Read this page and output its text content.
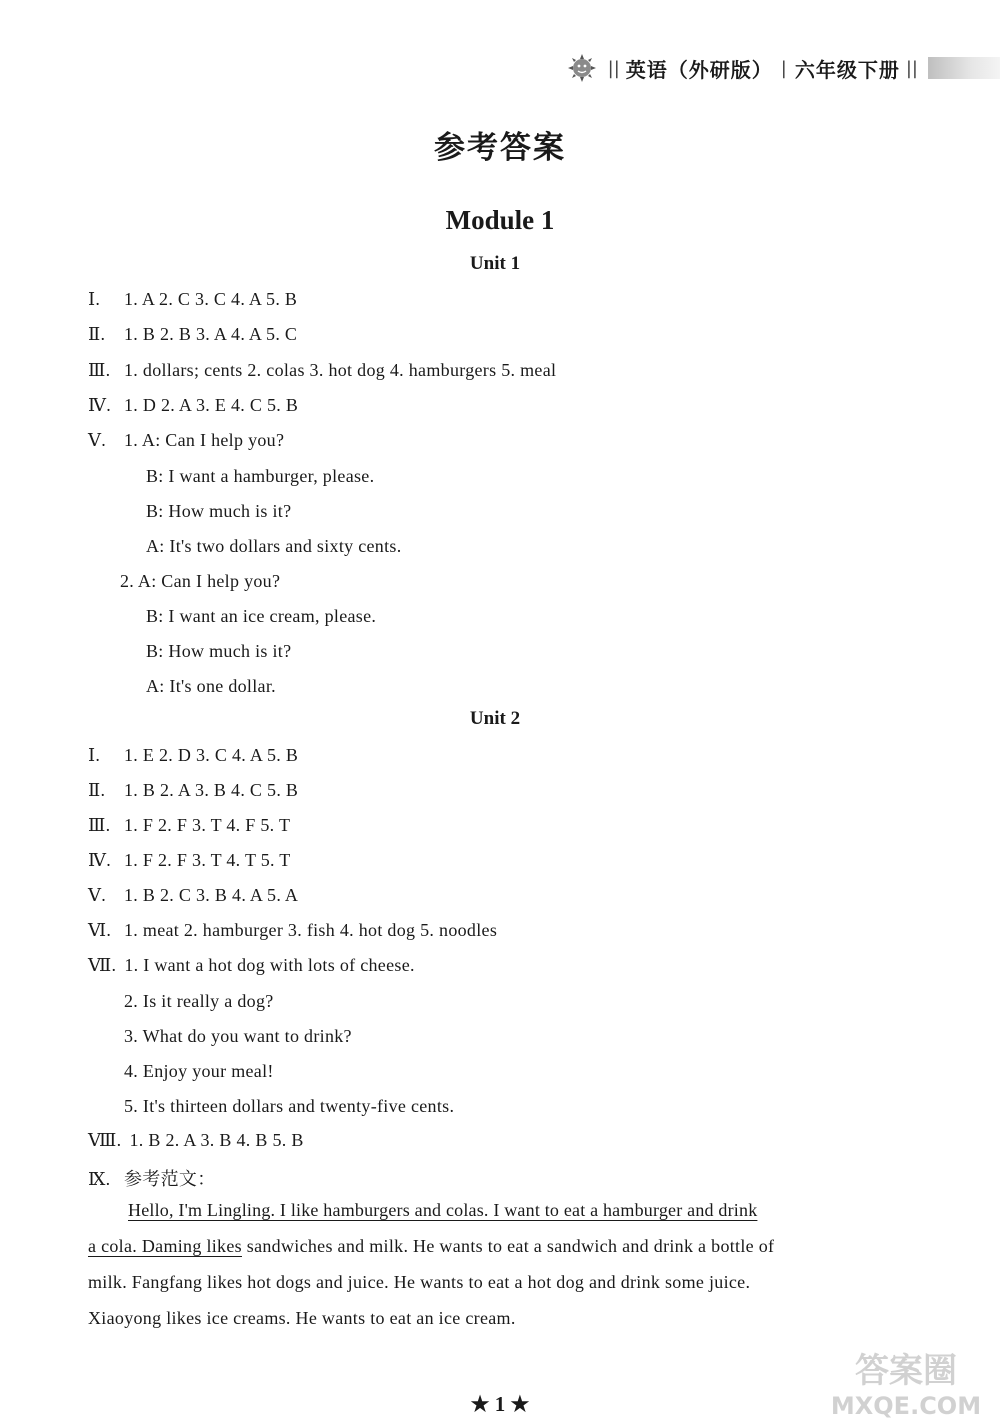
|| 英语（外研版） | 六年级下册 ||
参考答案
Module 1
Unit 1
Ⅰ. 1. A 2. C 3. C 4. A 5. B
Ⅱ. 1. B 2. B 3. A 4. A 5. C
Ⅲ. 1. dollars; cents 2. colas 3. hot dog 4. hamburgers 5. meal
Ⅳ. 1. D 2. A 3. E 4. C 5. B
Ⅴ. 1. A: Can I help you?
B: I want a hamburger, please.
B: How much is it?
A: It's two dollars and sixty cents.
2. A: Can I help you?
B: I want an ice cream, please.
B: How much is it?
A: It's one dollar.
Unit 2
Ⅰ. 1. E 2. D 3. C 4. A 5. B
Ⅱ. 1. B 2. A 3. B 4. C 5. B
Ⅲ. 1. F 2. F 3. T 4. F 5. T
Ⅳ. 1. F 2. F 3. T 4. T 5. T
Ⅴ. 1. B 2. C 3. B 4. A 5. A
Ⅵ. 1. meat 2. hamburger 3. fish 4. hot dog 5. noodles
Ⅶ. 1. I want a hot dog with lots of cheese.
2. Is it really a dog?
3. What do you want to drink?
4. Enjoy your meal!
5. It's thirteen dollars and twenty-five cents.
Ⅷ. 1. B 2. A 3. B 4. B 5. B
Ⅸ. 参考范文：
Hello, I'm Lingling. I like hamburgers and colas. I want to eat a hamburger and drink
a cola. Daming likes sandwiches and milk. He wants to eat a sandwich and drink a bottle of
milk. Fangfang likes hot dogs and juice. He wants to eat a hot dog and drink some juice.
Xiaoyong likes ice creams. He wants to eat an ice cream.
★ 1 ★
答案圈
MXQE.COM
